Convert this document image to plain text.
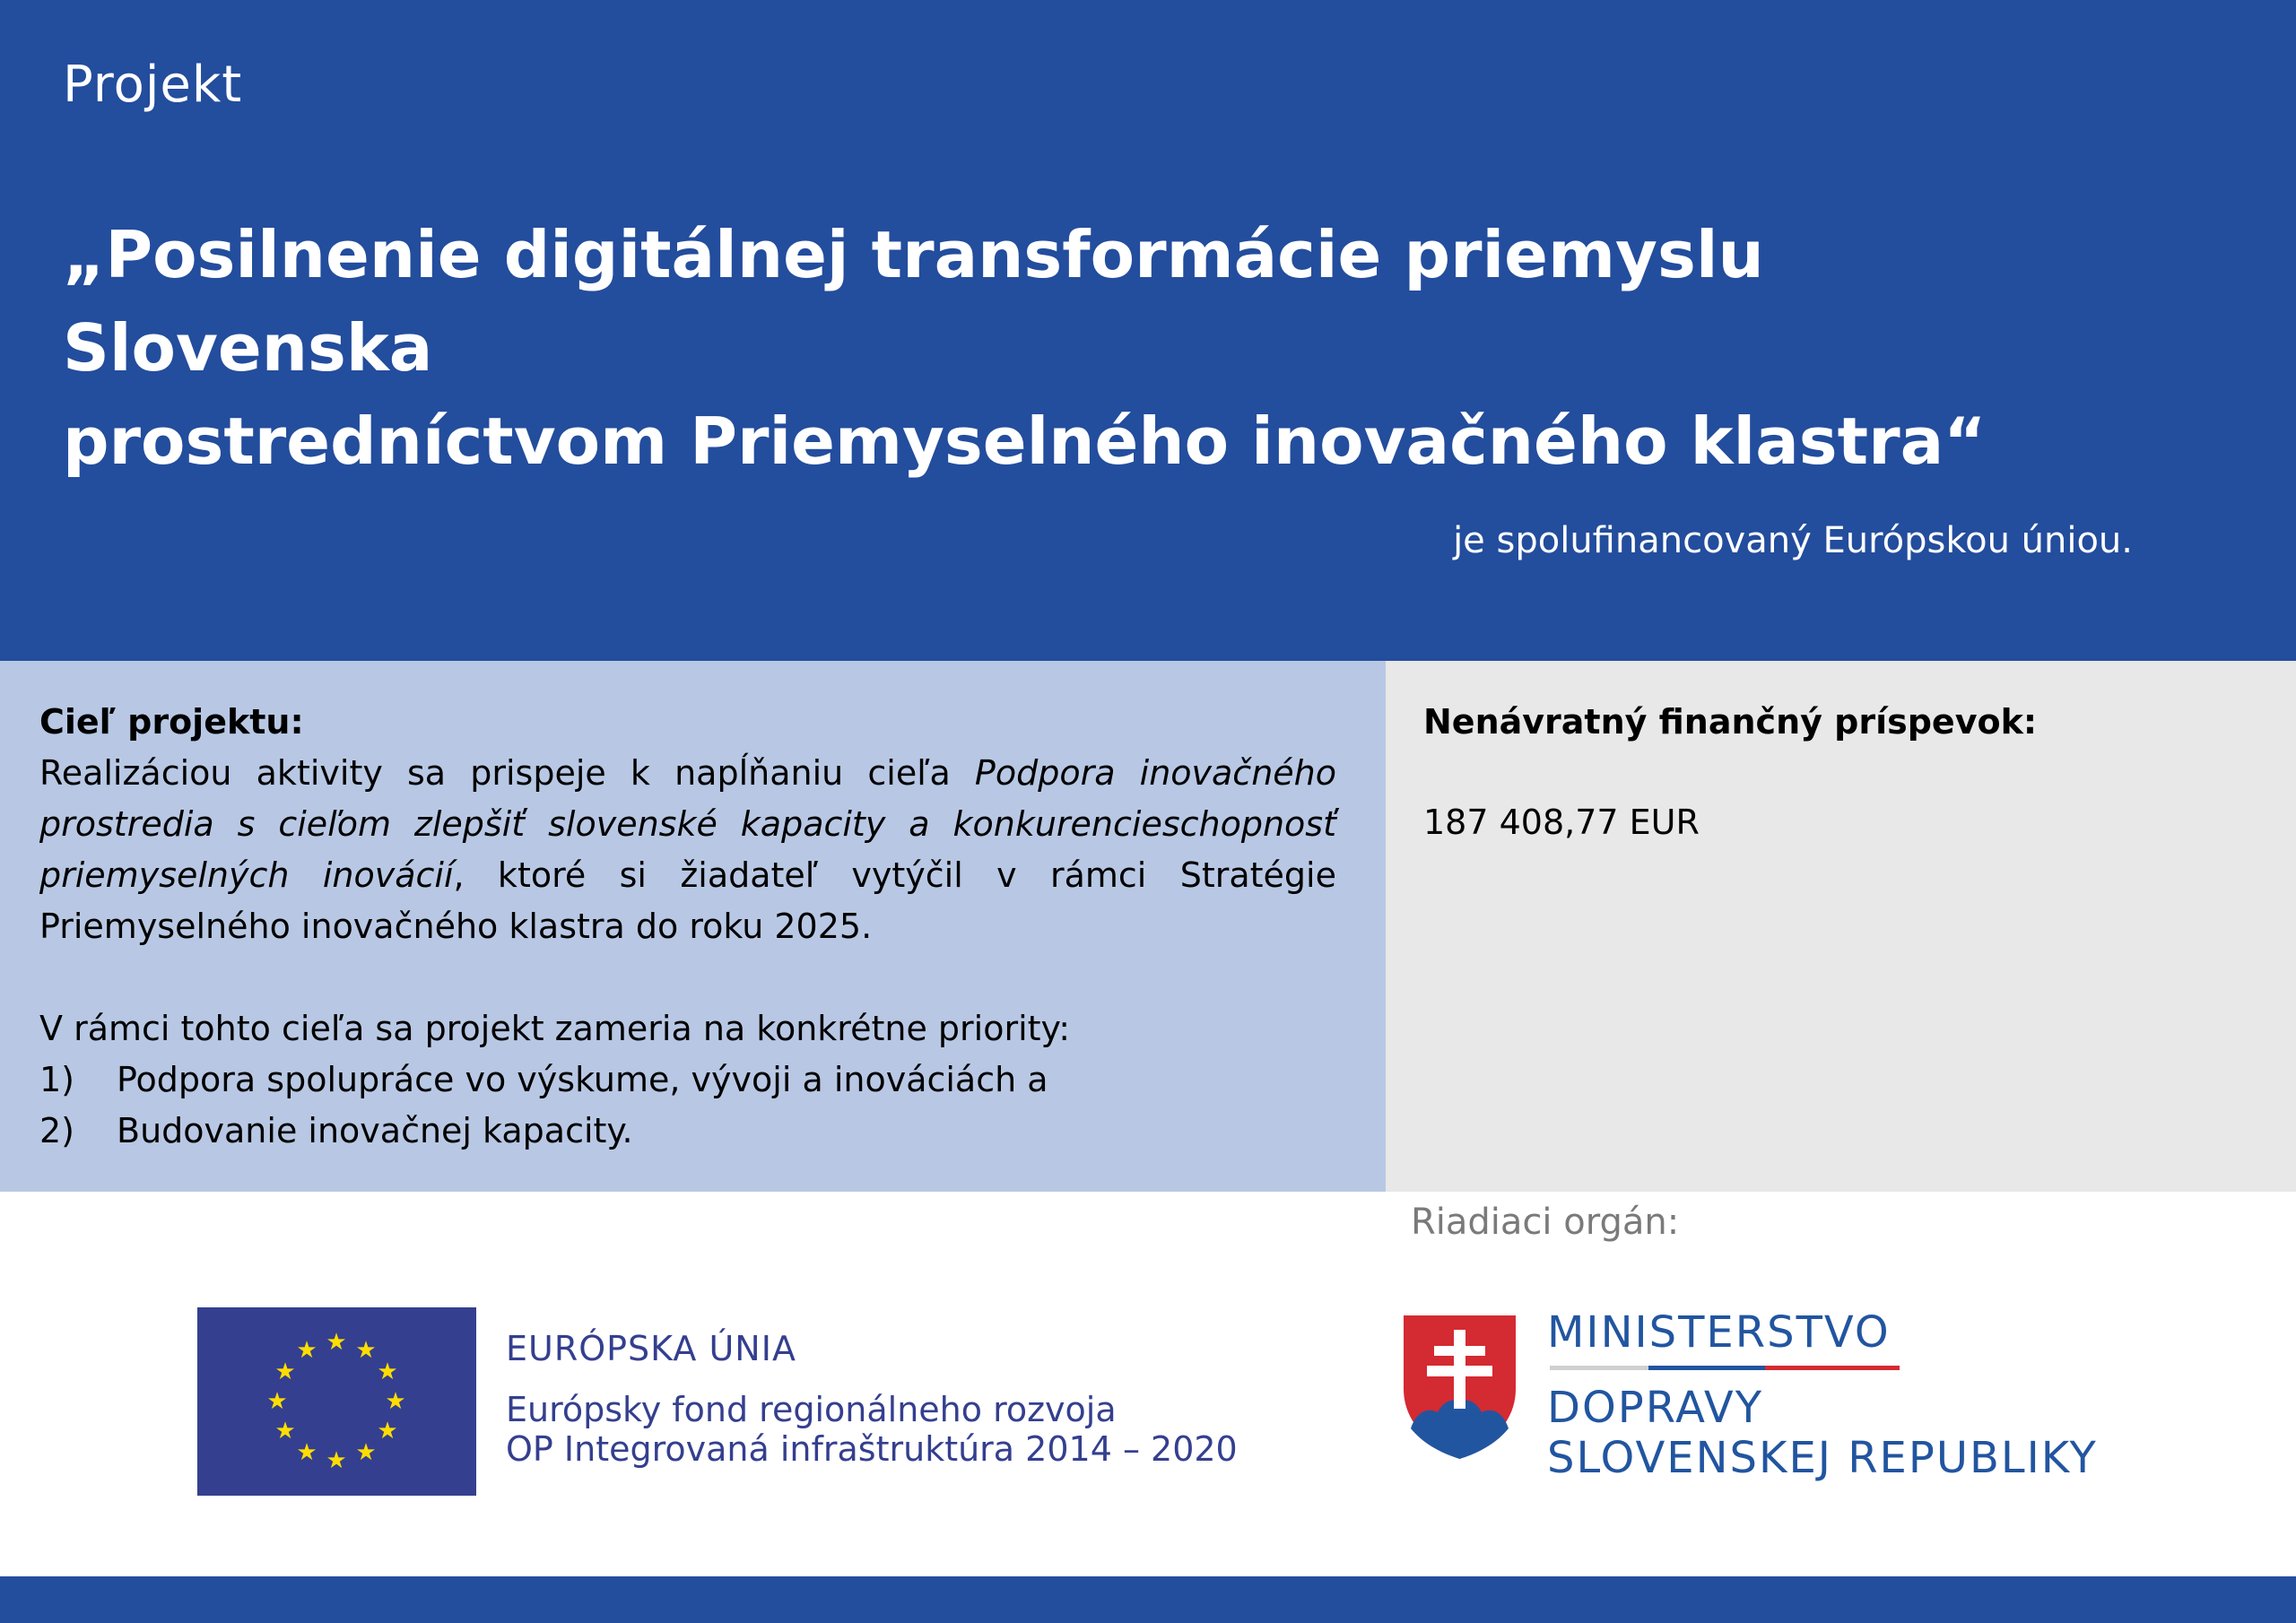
Projekt
„Posilnenie digitálnej transformácie priemyslu Slovenska
prostredníctvom Priemyselného inovačného klastra“
je spolufinancovaný Európskou úniou.
Cieľ projektu:
Realizáciou aktivity sa prispeje k napĺňaniu cieľa Podpora inovačného prostredia s cieľom zlepšiť slovenské kapacity a konkurencieschopnosť priemyselných inovácií, ktoré si žiadateľ vytýčil v rámci Stratégie Priemyselného inovačného klastra do roku 2025.
V rámci tohto cieľa sa projekt zameria na konkrétne priority:
1)	Podpora spolupráce vo výskume, vývoji a inováciách a
2)	Budovanie inovačnej kapacity.
Nenávratný finančný príspevok:
187 408,77 EUR
Riadiaci orgán:
★ ★
★
★
★
★
★
★
★
★
★
★	EURÓPSKA ÚNIA
Európsky fond regionálneho rozvoja
OP Integrovaná infraštruktúra 2014 – 2020
MINISTERSTVO
DOPRAVY
SLOVENSKEJ REPUBLIKY
